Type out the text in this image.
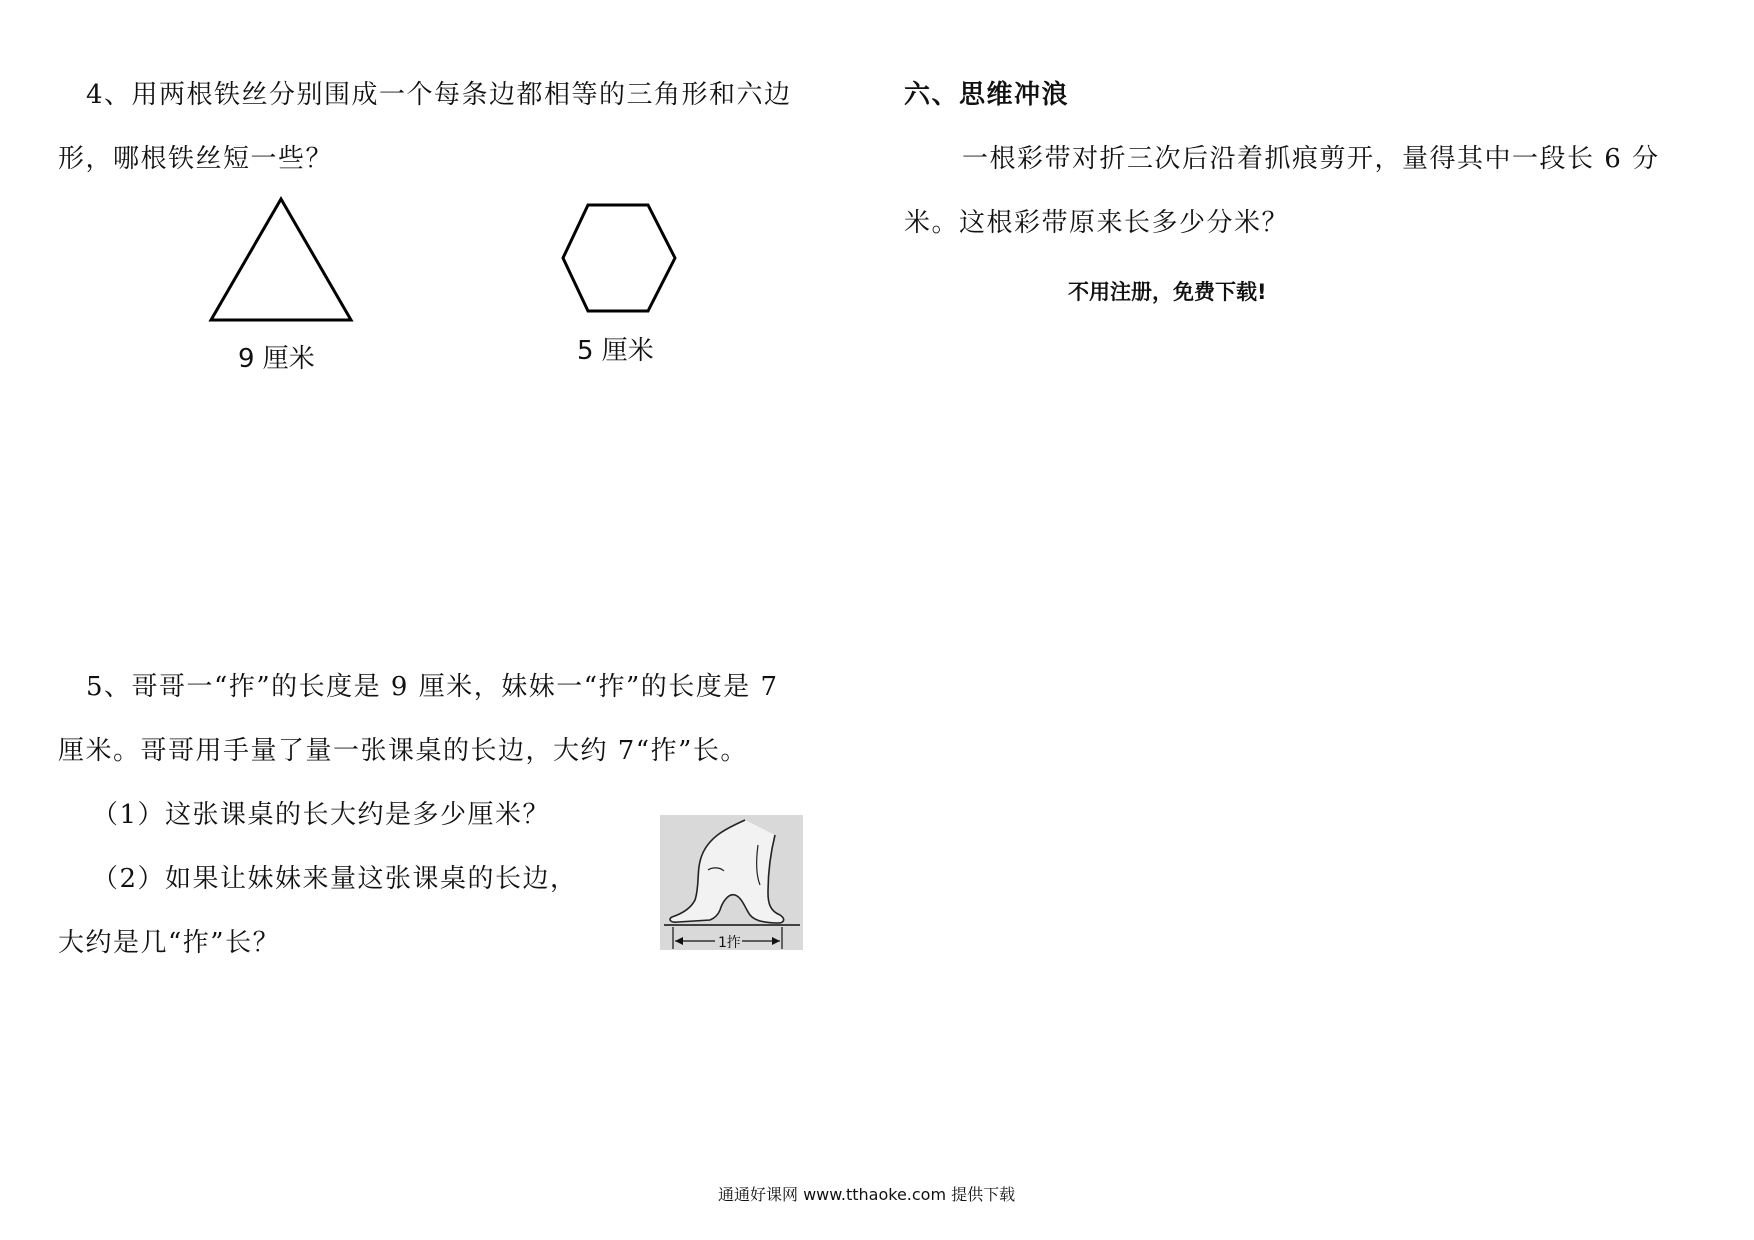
4、用两根铁丝分别围成一个每条边都相等的三角形和六边
形，哪根铁丝短一些？
9 厘米	5 厘米
5、哥哥一“拃”的长度是 9 厘米，妹妹一“拃”的长度是 7
厘米。哥哥用手量了量一张课桌的长边，大约 7“拃”长。
（1）这张课桌的长大约是多少厘米？
（2）如果让妹妹来量这张课桌的长边，
大约是几“拃”长？	1拃
六、思维冲浪
一根彩带对折三次后沿着抓痕剪开，量得其中一段长 6 分
米。这根彩带原来长多少分米？
不用注册，免费下载!
通通好课网 www.tthaoke.com 提供下载
